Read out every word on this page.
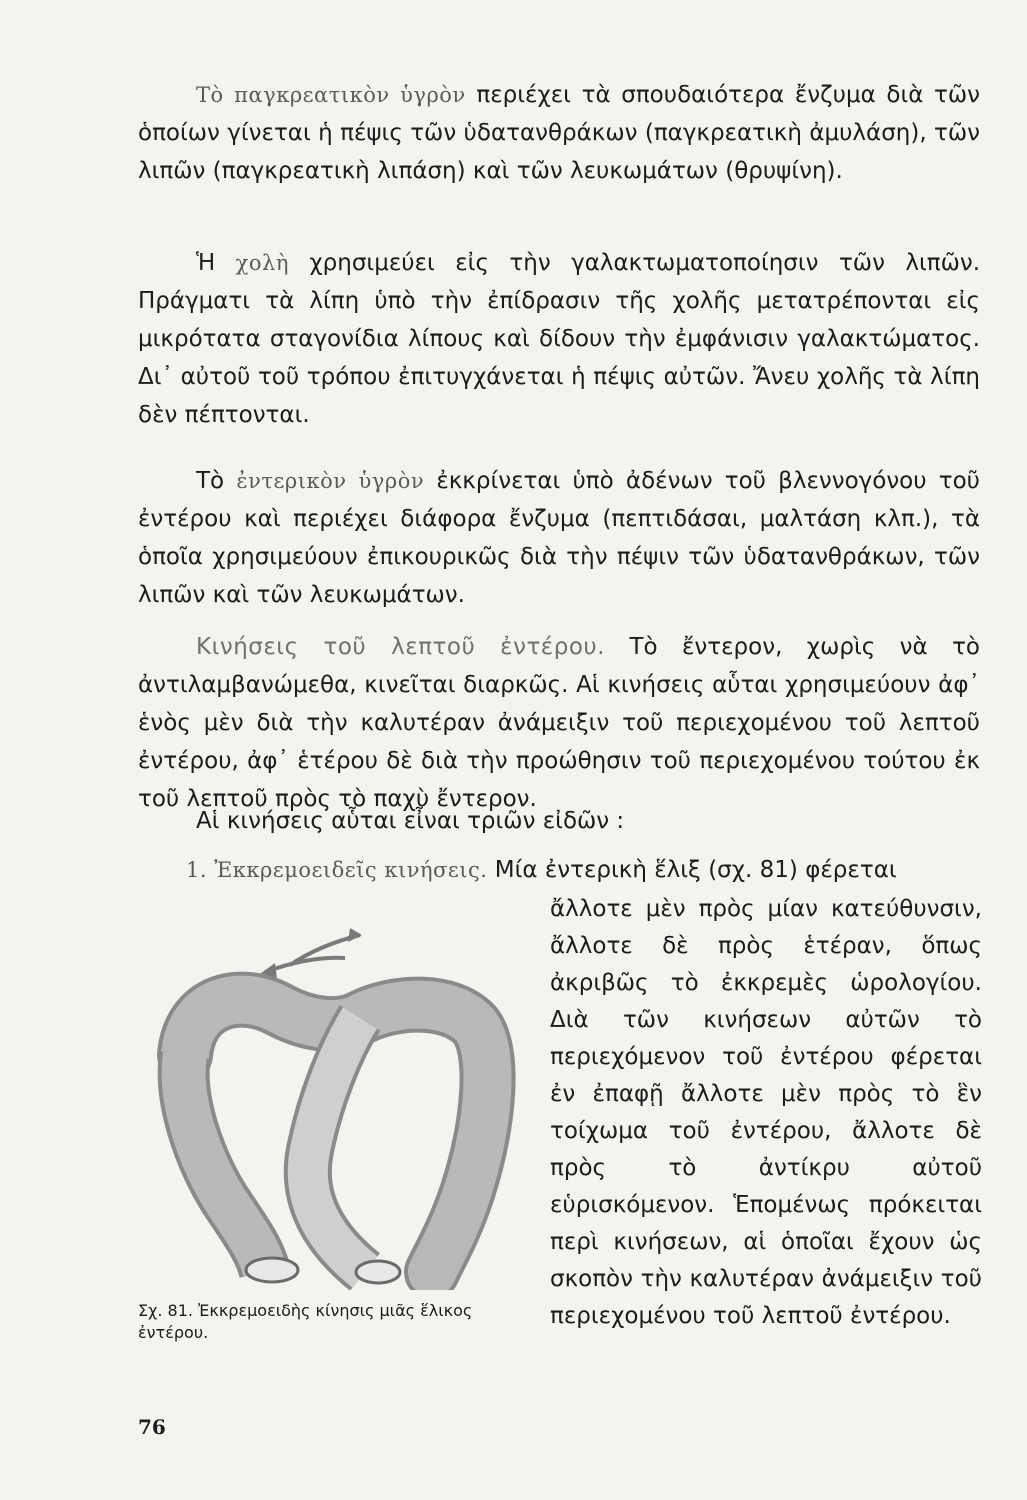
Τὸ παγκρεατικὸν ὑγρὸν περιέχει τὰ σπουδαιότερα ἔνζυμα διὰ τῶν ὁποίων γίνεται ἡ πέψις τῶν ὑδατανθράκων (παγκρεατικὴ ἀμυλάση), τῶν λιπῶν (παγκρεατικὴ λιπάση) καὶ τῶν λευκωμάτων (θρυψίνη).

Ἡ χολὴ χρησιμεύει εἰς τὴν γαλακτωματοποίησιν τῶν λιπῶν. Πράγματι τὰ λίπη ὑπὸ τὴν ἐπίδρασιν τῆς χολῆς μετατρέπονται εἰς μικρότατα σταγονίδια λίπους καὶ δίδουν τὴν ἐμφάνισιν γαλακτώματος. Δι᾽ αὐτοῦ τοῦ τρόπου ἐπιτυγχάνεται ἡ πέψις αὐτῶν. Ἄνευ χολῆς τὰ λίπη δὲν πέπτονται.

Τὸ ἐντερικὸν ὑγρὸν ἐκκρίνεται ὑπὸ ἀδένων τοῦ βλεννογόνου τοῦ ἐντέρου καὶ περιέχει διάφορα ἔνζυμα (πεπτιδάσαι, μαλτάση κλπ.), τὰ ὁποῖα χρησιμεύουν ἐπικουρικῶς διὰ τὴν πέψιν τῶν ὑδατανθράκων, τῶν λιπῶν καὶ τῶν λευκωμάτων.

Κινήσεις τοῦ λεπτοῦ ἐντέρου. Τὸ ἔντερον, χωρὶς νὰ τὸ ἀντιλαμβανώμεθα, κινεῖται διαρκῶς. Αἱ κινήσεις αὗται χρησιμεύουν ἀφ᾽ ἑνὸς μὲν διὰ τὴν καλυτέραν ἀνάμειξιν τοῦ περιεχομένου τοῦ λεπτοῦ ἐντέρου, ἀφ᾽ ἑτέρου δὲ διὰ τὴν προώθησιν τοῦ περιεχομένου τούτου ἐκ τοῦ λεπτοῦ πρὸς τὸ παχὺ ἔντερον.

Αἱ κινήσεις αὗται εἶναι τριῶν εἰδῶν :

1. Ἐκκρεμοειδεῖς κινήσεις. Μία ἐντερικὴ ἕλιξ (σχ. 81) φέρεται

ἄλλοτε μὲν πρὸς μίαν κατεύθυνσιν, ἄλλοτε δὲ πρὸς ἑτέραν, ὅπως ἀκριβῶς τὸ ἐκκρεμὲς ὡρολογίου. Διὰ τῶν κινήσεων αὐτῶν τὸ περιεχόμενον τοῦ ἐντέρου φέρεται ἐν ἐπαφῇ ἄλλοτε μὲν πρὸς τὸ ἓν τοίχωμα τοῦ ἐντέρου, ἄλλοτε δὲ πρὸς τὸ ἀντίκρυ αὐτοῦ εὑρισκόμενον. Ἑπομένως πρόκειται περὶ κινήσεων, αἱ ὁποῖαι ἔχουν ὡς σκοπὸν τὴν καλυτέραν ἀνάμειξιν τοῦ περιεχομένου τοῦ λεπτοῦ ἐντέρου.

Σχ. 81. Ἐκκρεμοειδὴς κίνησις μιᾶς ἕλικος ἐντέρου.

76
